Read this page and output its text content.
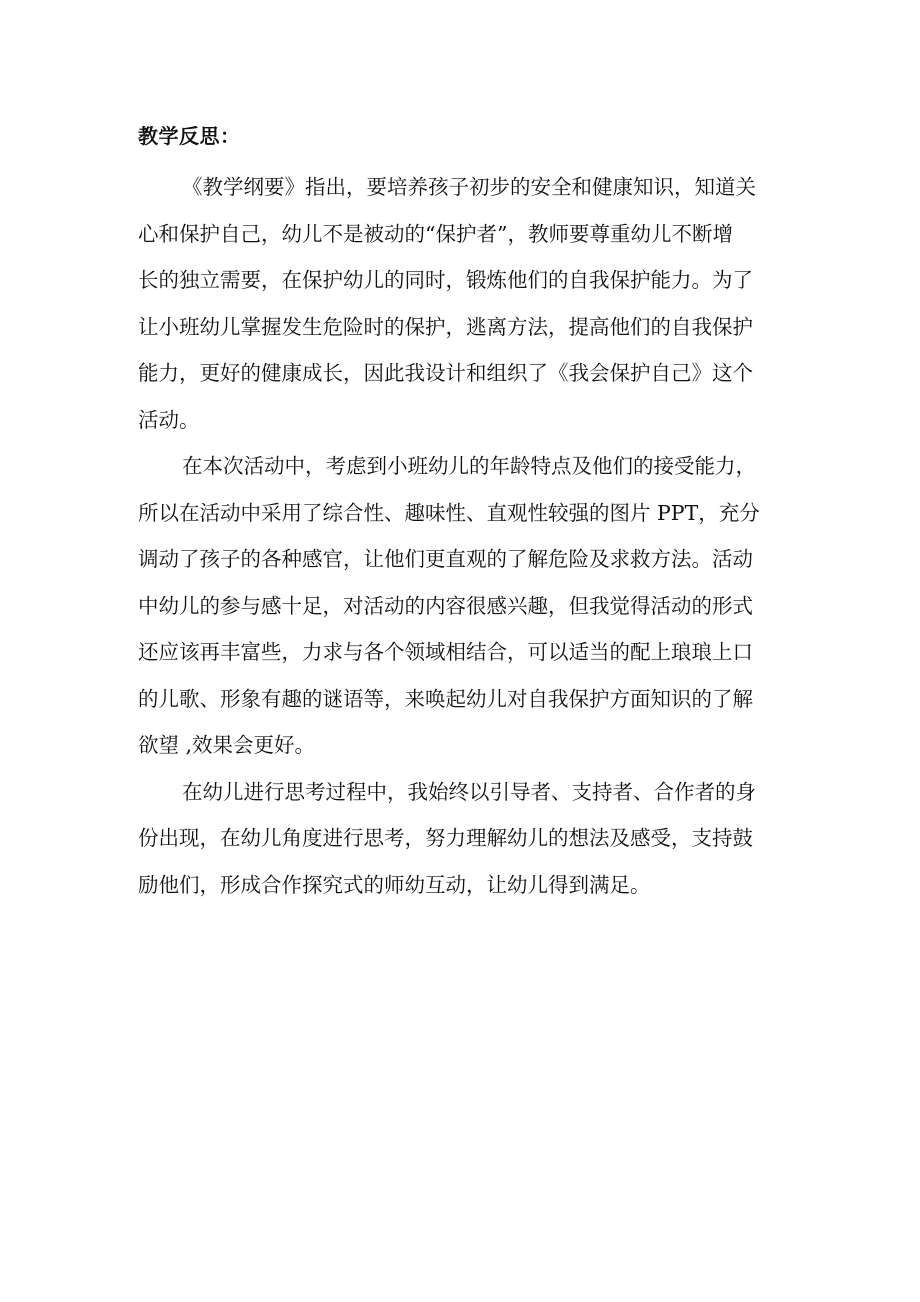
教学反思：
《教学纲要》指出，要培养孩子初步的安全和健康知识，知道关
心和保护自己，幼儿不是被动的“保护者”，教师要尊重幼儿不断增
长的独立需要，在保护幼儿的同时，锻炼他们的自我保护能力。为了
让小班幼儿掌握发生危险时的保护，逃离方法，提高他们的自我保护
能力，更好的健康成长，因此我设计和组织了《我会保护自己》这个
活动。
在本次活动中，考虑到小班幼儿的年龄特点及他们的接受能力，
所以在活动中采用了综合性、趣味性、直观性较强的图片 PPT，充分
调动了孩子的各种感官，让他们更直观的了解危险及求救方法。活动
中幼儿的参与感十足，对活动的内容很感兴趣，但我觉得活动的形式
还应该再丰富些，力求与各个领域相结合，可以适当的配上琅琅上口
的儿歌、形象有趣的谜语等，来唤起幼儿对自我保护方面知识的了解
欲望 ,效果会更好。
在幼儿进行思考过程中，我始终以引导者、支持者、合作者的身
份出现，在幼儿角度进行思考，努力理解幼儿的想法及感受，支持鼓
励他们，形成合作探究式的师幼互动，让幼儿得到满足。
